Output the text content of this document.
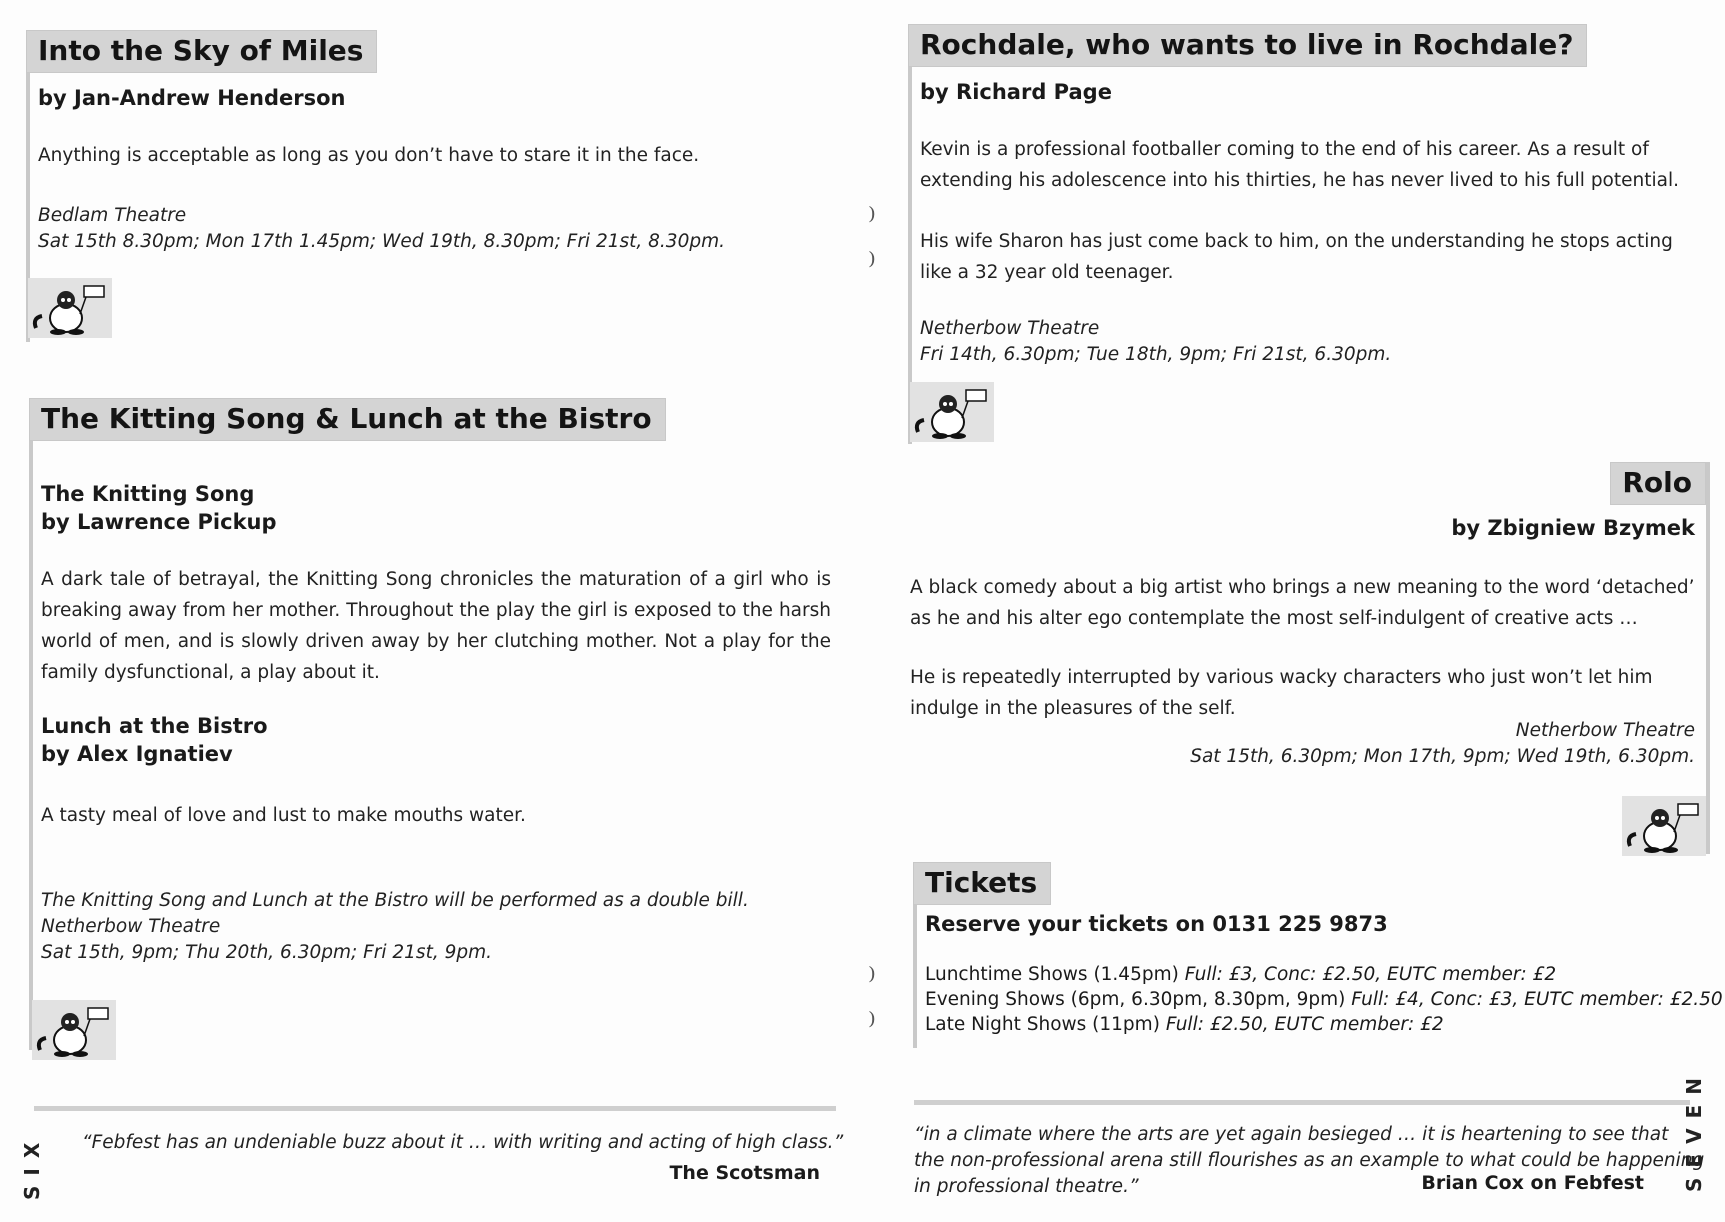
Into the Sky of Miles
by Jan-Andrew Henderson
Anything is acceptable as long as you don’t have to stare it in the face.
Bedlam Theatre
Sat 15th 8.30pm; Mon 17th 1.45pm; Wed 19th, 8.30pm; Fri 21st, 8.30pm.
The Kitting Song & Lunch at the Bistro
The Knitting Song
by Lawrence Pickup
A dark tale of betrayal, the Knitting Song chronicles the maturation of a girl who is breaking away from her mother. Throughout the play the girl is exposed to the harsh world of men, and is slowly driven away by her clutching mother. Not a play for the family dysfunctional, a play about it.
Lunch at the Bistro
by Alex Ignatiev
A tasty meal of love and lust to make mouths water.
The Knitting Song and Lunch at the Bistro will be performed as a double bill.
Netherbow Theatre
Sat 15th, 9pm; Thu 20th, 6.30pm; Fri 21st, 9pm.
SIX “Febfest has an undeniable buzz about it … with writing and acting of high class.”
The Scotsman
⁾
⁾
⁾
⁾
Rochdale, who wants to live in Rochdale?
by Richard Page
Kevin is a professional footballer coming to the end of his career. As a result of extending his adolescence into his thirties, he has never lived to his full potential.
His wife Sharon has just come back to him, on the understanding he stops acting like a 32 year old teenager.
Netherbow Theatre
Fri 14th, 6.30pm; Tue 18th, 9pm; Fri 21st, 6.30pm.
Rolo
by Zbigniew Bzymek
A black comedy about a big artist who brings a new meaning to the word ‘detached’ as he and his alter ego contemplate the most self-indulgent of creative acts …
He is repeatedly interrupted by various wacky characters who just won’t let him indulge in the pleasures of the self.
Netherbow Theatre
Sat 15th, 6.30pm; Mon 17th, 9pm; Wed 19th, 6.30pm.
Tickets
Reserve your tickets on 0131 225 9873
Lunchtime Shows (1.45pm) Full: £3, Conc: £2.50, EUTC member: £2
Evening Shows (6pm, 6.30pm, 8.30pm, 9pm) Full: £4, Conc: £3, EUTC member: £2.50
Late Night Shows (11pm) Full: £2.50, EUTC member: £2
“in a climate where the arts are yet again besieged … it is heartening to see that
the non-professional arena still flourishes as an example to what could be happening
in professional theatre.”	Brian Cox on Febfest SEVEN
